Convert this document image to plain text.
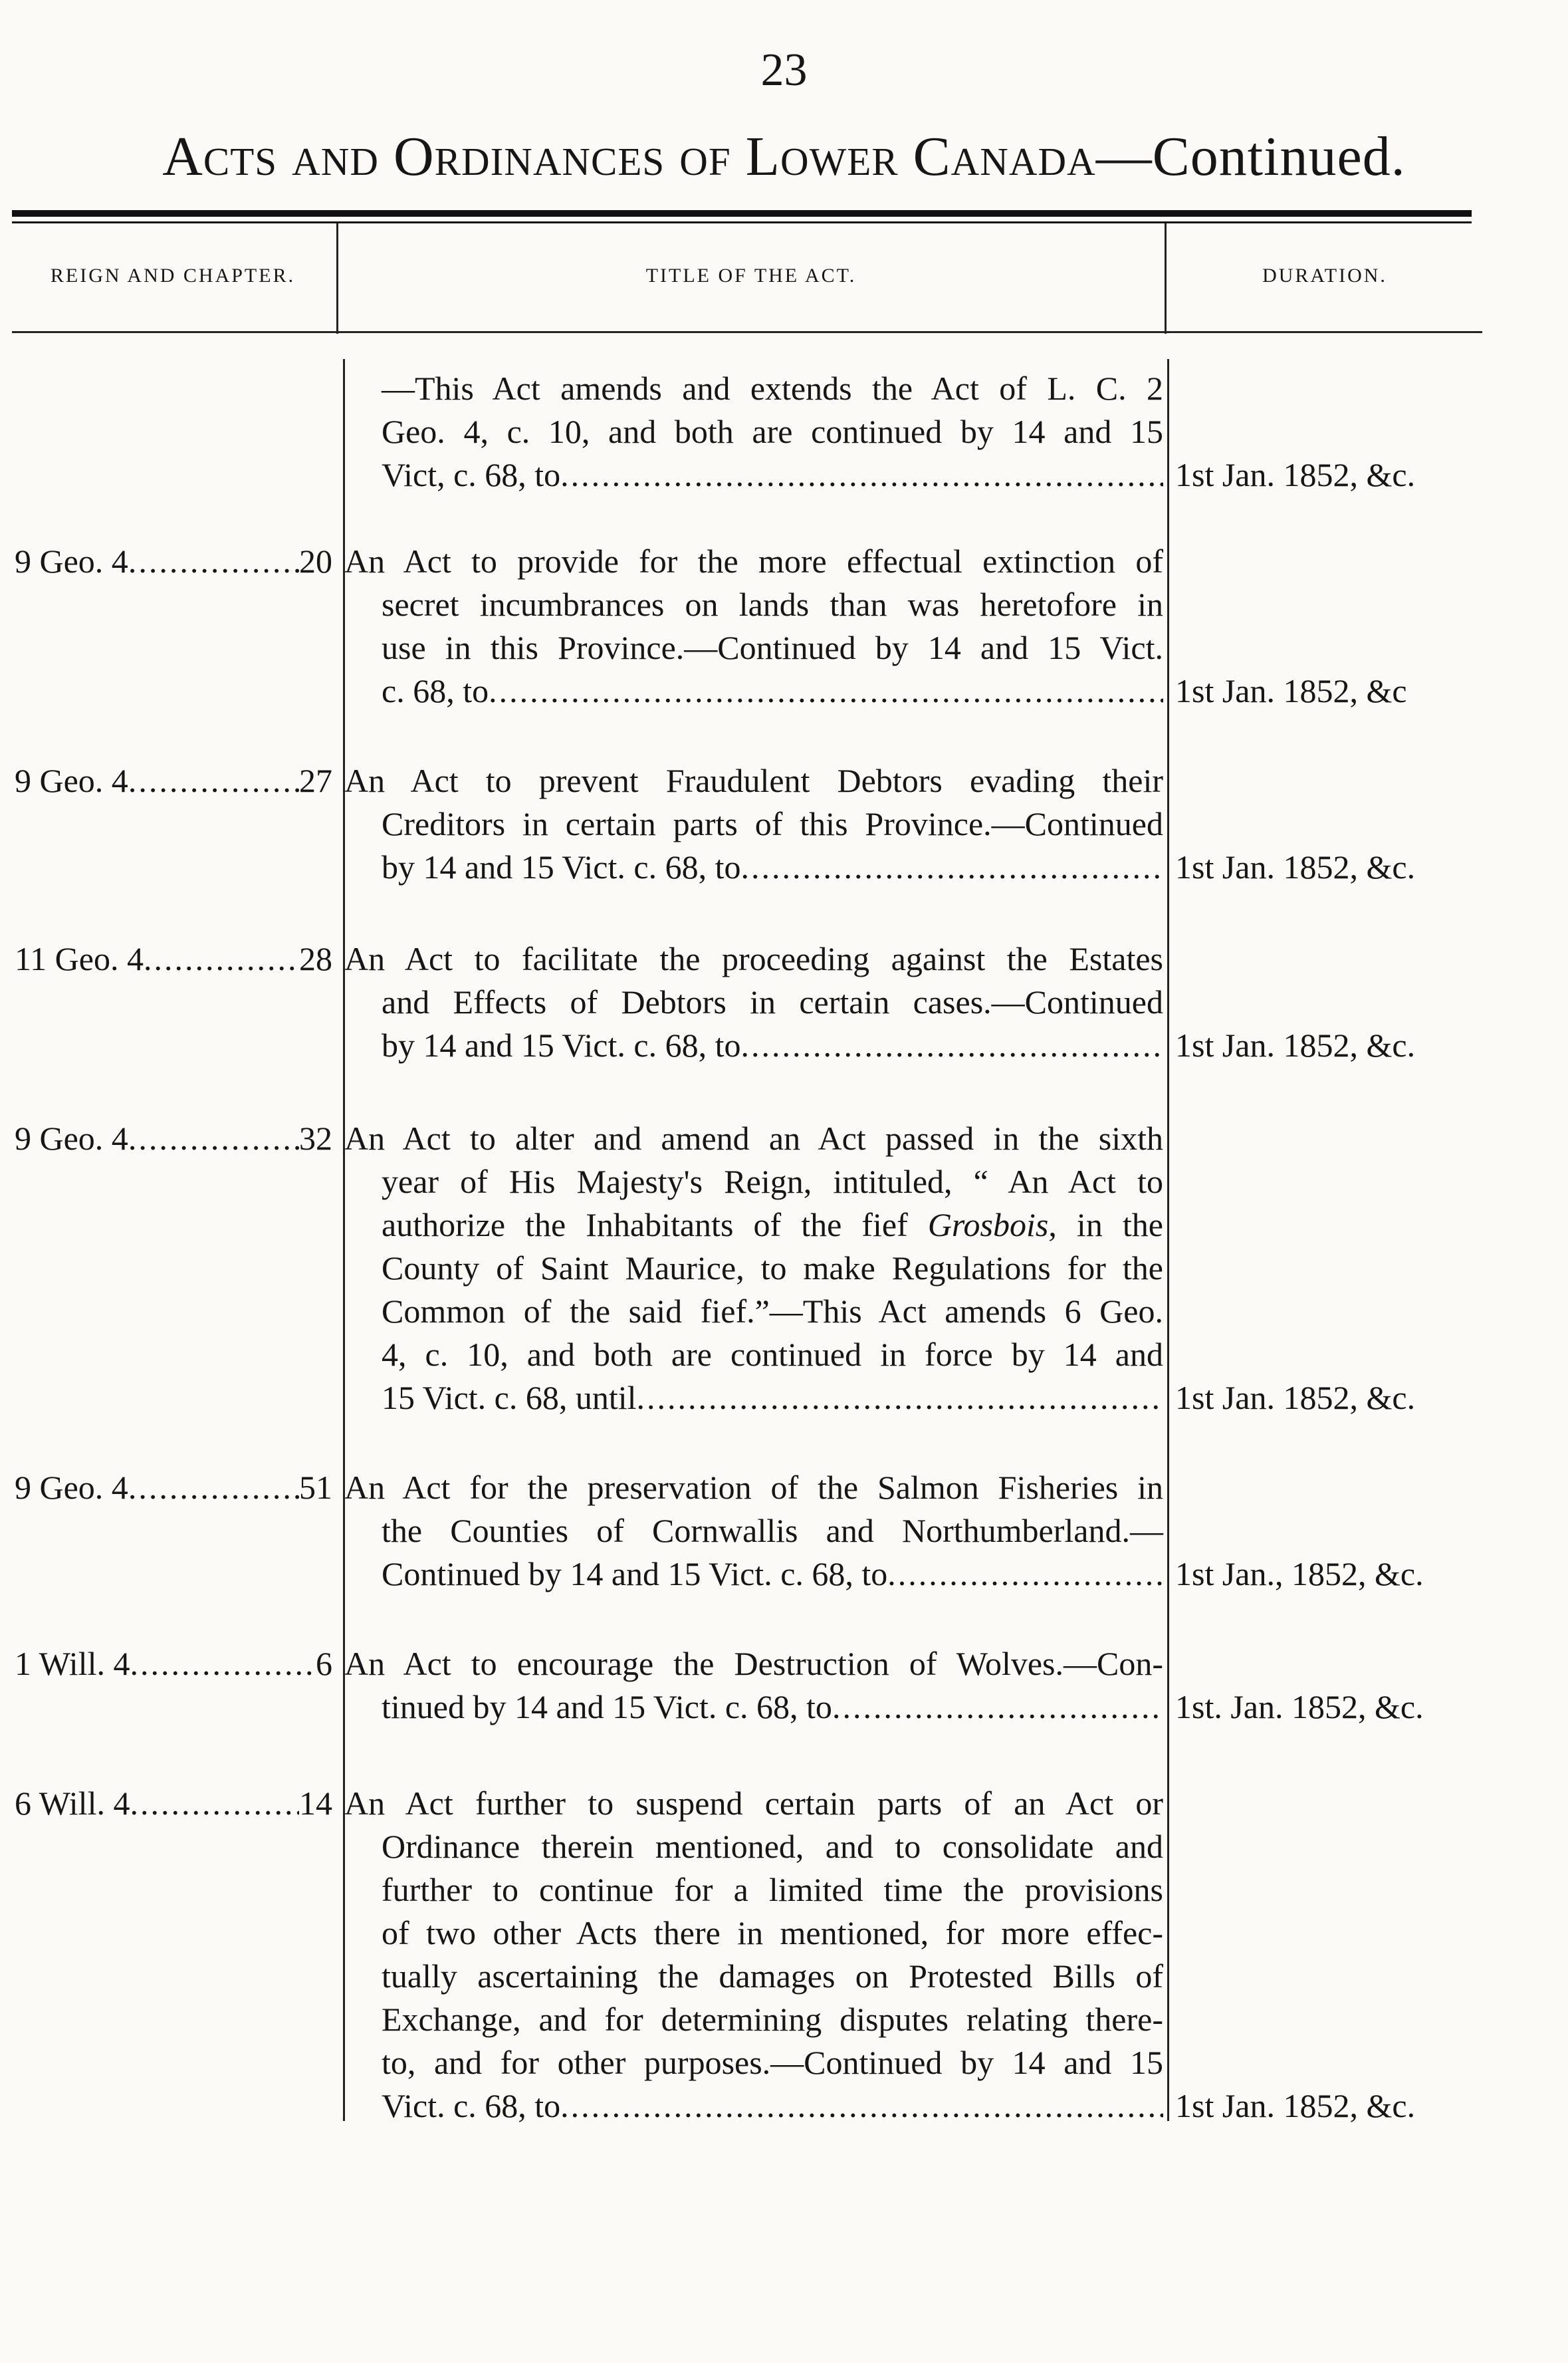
23
Acts and Ordinances of Lower Canada—Continued.
REIGN AND CHAPTER.	TITLE OF THE ACT.	DURATION.
—This Act amends and extends the Act of L. C. 2
Geo. 4, c. 10, and both are continued by 14 and 15
Vict, c. 68, to .....	1st Jan. 1852, &c.
9 Geo. 4 .....	20 An Act to provide for the more effectual extinction of
secret incumbrances on lands than was heretofore in
use in this Province.—Continued by 14 and 15 Vict.
c. 68, to .....	1st Jan. 1852, &c
9 Geo. 4 .....	27 An Act to prevent Fraudulent Debtors evading their
Creditors in certain parts of this Province.—Continued
by 14 and 15 Vict. c. 68, to .....	1st Jan. 1852, &c.
11 Geo. 4 .....	28 An Act to facilitate the proceeding against the Estates
and Effects of Debtors in certain cases.—Continued
by 14 and 15 Vict. c. 68, to .....	1st Jan. 1852, &c.
9 Geo. 4 .....	32 An Act to alter and amend an Act passed in the sixth
year of His Majesty's Reign, intituled, “ An Act to
authorize the Inhabitants of the fief Grosbois, in the
County of Saint Maurice, to make Regulations for the
Common of the said fief.”—This Act amends 6 Geo.
4, c. 10, and both are continued in force by 14 and
15 Vict. c. 68, until .....	1st Jan. 1852, &c.
9 Geo. 4 .....	51 An Act for the preservation of the Salmon Fisheries in
the Counties of Cornwallis and Northumberland.—
Continued by 14 and 15 Vict. c. 68, to .....	1st Jan., 1852, &c.
1 Will. 4 .....	6 An Act to encourage the Destruction of Wolves.—Con-
tinued by 14 and 15 Vict. c. 68, to .....	1st. Jan. 1852, &c.
6 Will. 4 .....	14 An Act further to suspend certain parts of an Act or
Ordinance therein mentioned, and to consolidate and
further to continue for a limited time the provisions
of two other Acts there in mentioned, for more effec-
tually ascertaining the damages on Protested Bills of
Exchange, and for determining disputes relating there-
to, and for other purposes.—Continued by 14 and 15
Vict. c. 68, to .....	1st Jan. 1852, &c.
